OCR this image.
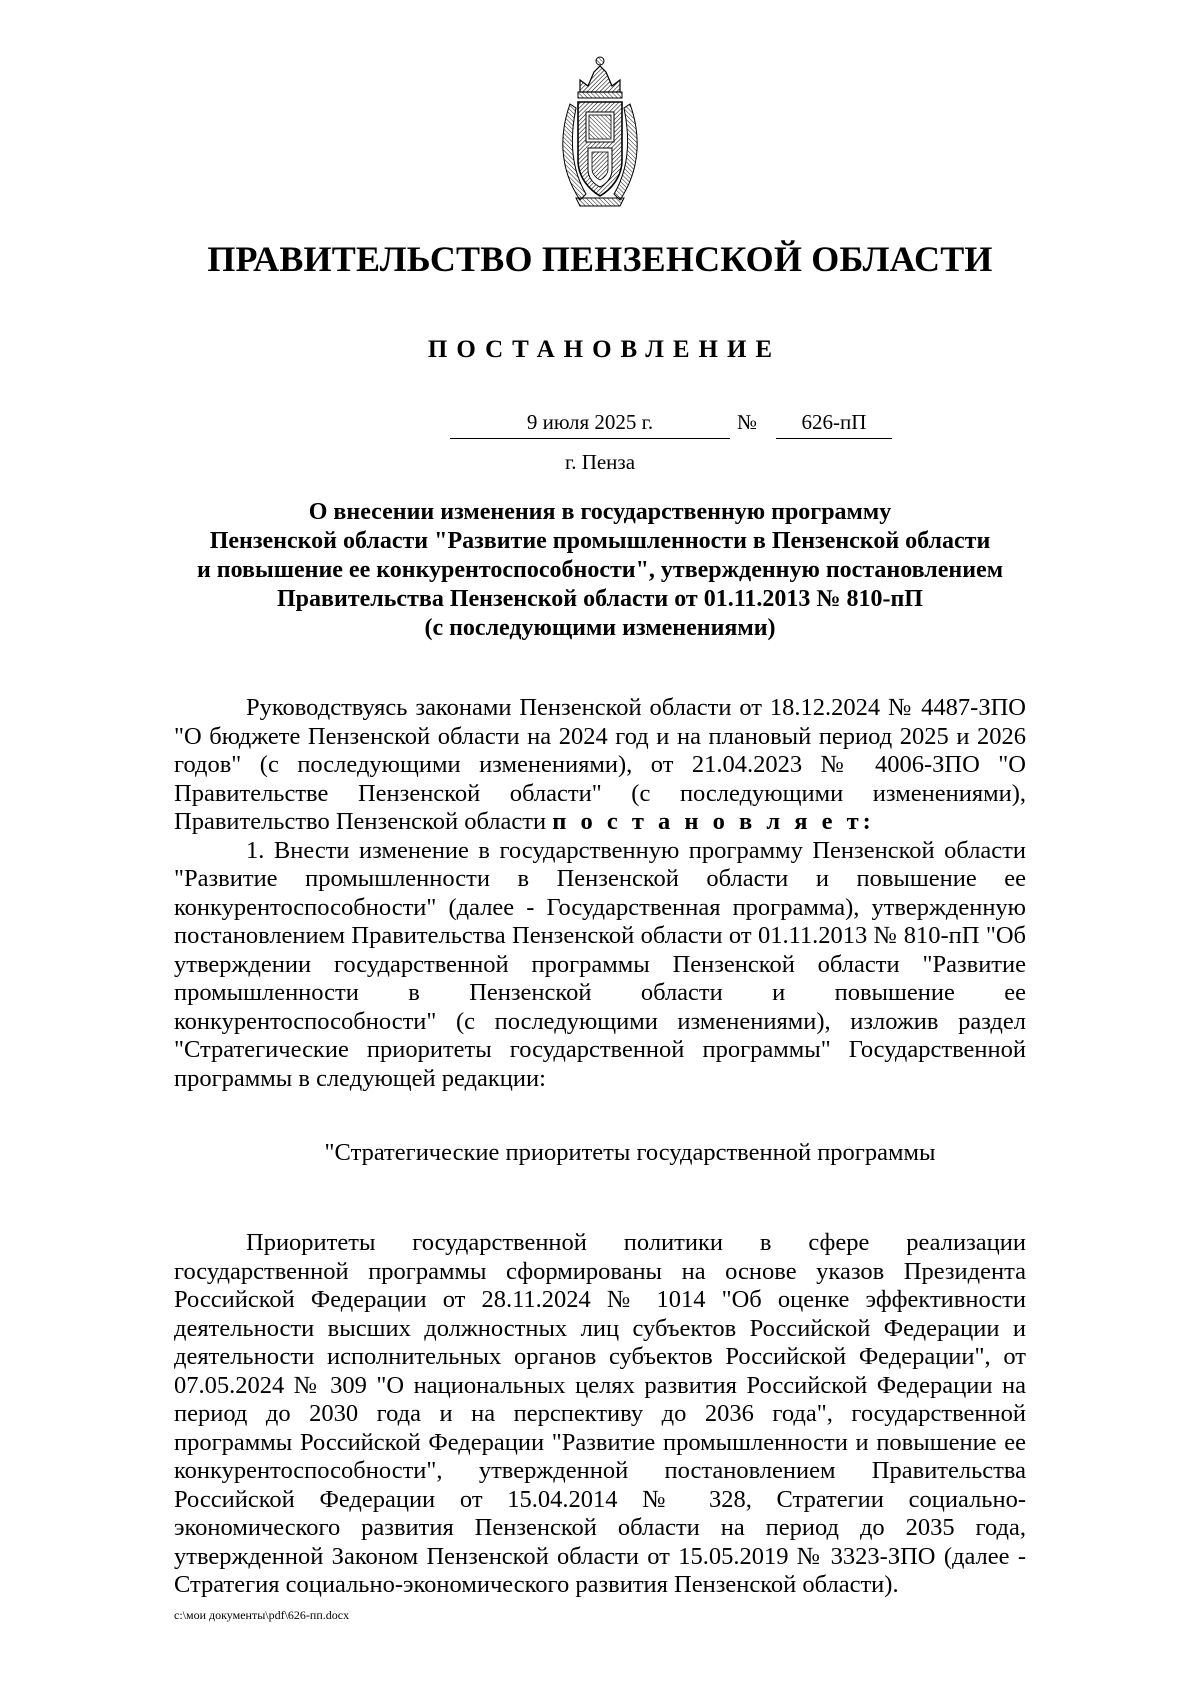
ПРАВИТЕЛЬСТВО ПЕНЗЕНСКОЙ ОБЛАСТИ
ПОСТАНОВЛЕНИЕ
9 июля 2025 г.	№	626-пП
г. Пенза
О внесении изменения в государственную программу
Пензенской области "Развитие промышленности в Пензенской области
и повышение ее конкурентоспособности", утвержденную постановлением
Правительства Пензенской области от 01.11.2013 № 810-пП
(с последующими изменениями)

Руководствуясь законами Пензенской области от 18.12.2024 № 4487-ЗПО "О бюджете Пензенской области на 2024 год и на плановый период 2025 и 2026 годов" (с последующими изменениями), от 21.04.2023 № 4006-ЗПО "О Правительстве Пензенской области" (с последующими изменениями), Правительство Пензенской области п о с т а н о в л я е т:

1. Внести изменение в государственную программу Пензенской области "Развитие промышленности в Пензенской области и повышение ее конкурентоспособности" (далее - Государственная программа), утвержденную постановлением Правительства Пензенской области от 01.11.2013 № 810-пП "Об утверждении государственной программы Пензенской области "Развитие промышленности в Пензенской области и повышение ее конкурентоспособности" (с последующими изменениями), изложив раздел "Стратегические приоритеты государственной программы" Государственной программы в следующей редакции:

"Стратегические приоритеты государственной программы

Приоритеты государственной политики в сфере реализации государственной программы сформированы на основе указов Президента Российской Федерации от 28.11.2024 № 1014 "Об оценке эффективности деятельности высших должностных лиц субъектов Российской Федерации и деятельности исполнительных органов субъектов Российской Федерации", от 07.05.2024 № 309 "О национальных целях развития Российской Федерации на период до 2030 года и на перспективу до 2036 года", государственной программы Российской Федерации "Развитие промышленности и повышение ее конкурентоспособности", утвержденной постановлением Правительства Российской Федерации от 15.04.2014 № 328, Стратегии социально-экономического развития Пензенской области на период до 2035 года, утвержденной Законом Пензенской области от 15.05.2019 № 3323-ЗПО (далее - Стратегия социально-экономического развития Пензенской области).

c:\мои документы\pdf\626-пп.docx
